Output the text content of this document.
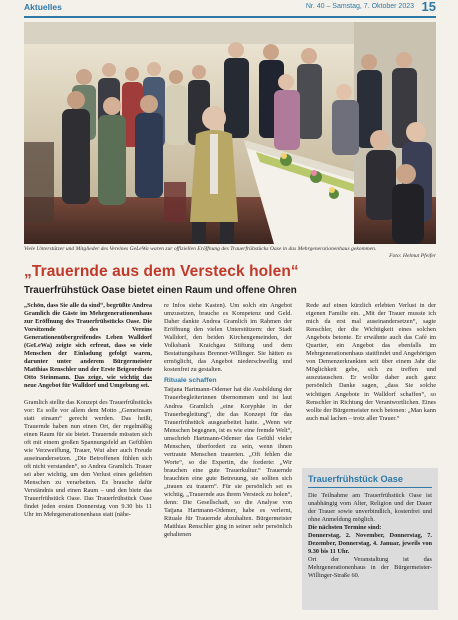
Aktuelles	Nr. 40 – Samstag, 7. Oktober 2023 15
Viele Unterstützer und Mitglieder des Vereines GeLeWa waren zur offiziellen Eröffnung des Trauerfrühstücks Oase in das Mehrgenerationenhaus gekommen.
Foto: Helmut Pfeifer
„Trauernde aus dem Versteck holen“
Trauerfrühstück Oase bietet einen Raum und offene Ohren

„Schön, dass Sie alle da sind“, begrüßte Andrea Gramlich die Gäste im Mehrgenerationenhaus zur Eröffnung des Trauerfrühstücks Oase. Die Vorsitzende des Vereins Generationenübergreifendes Leben Walldorf (GeLeWa) zeigte sich erfreut, dass so viele Menschen der Einladung gefolgt waren, darunter unter anderem Bürgermeister Matthias Renschler und der Erste Beigeordnete Otto Steinmann. Das zeige, wie wichtig das neue Angebot für Walldorf und Umgebung sei.

Gramlich stellte das Konzept des Trauerfrühstücks vor: Es solle vor allem dem Motto „Gemeinsam statt einsam“ gerecht werden. Das heißt, Trauernde haben nun einen Ort, der regelmäßig einen Raum für sie bietet. Trauernde müssten sich oft mit einem großen Spannungsfeld an Gefühlen wie Verzweiflung, Trauer, Wut aber auch Freude auseinandersetzen. „Die Betroffenen fühlen sich oft nicht verstanden“, so Andrea Gramlich. Trauer sei aber wichtig, um den Verlust eines geliebten Menschen zu verarbeiten. Es brauche dafür Verständnis und einen Raum – und den biete das Trauerfrühstück Oase. Das Trauerfrühstück Oase findet jeden ersten Donnerstag von 9.30 bis 11 Uhr im Mehrgenerationenhaus statt (nähe-

re Infos siehe Kasten). Um solch ein Angebot umzusetzen, brauche es Kompetenz und Geld. Daher dankte Andrea Gramlich im Rahmen der Eröffnung den vielen Unterstützern: der Stadt Walldorf, den beiden Kirchengemeinden, der Volksbank Kraichgau Stiftung und dem Bestattungshaus Brenner-Willinger. Sie hätten es ermöglicht, das Angebot niederschwellig und kostenfrei zu gestalten.

Rituale schaffen

Tatjana Hartmann-Odemer hat die Ausbildung der Trauerbegleiterinnen übernommen und ist laut Andrea Gramlich „eine Koryphäe in der Trauerbegleitung“, die das Konzept für das Trauerfrühstück ausgearbeitet hatte. „Wenn wir Menschen begegnen, ist es wie eine fremde Welt“, umschrieb Hartmann-Odemer das Gefühl vieler Menschen, überfordert zu sein, wenn ihnen vertraute Menschen trauerten. „Oft fehlen die Worte“, so die Expertin, die forderte: „Wir brauchen eine gute Trauerkultur.“ Trauernde brauchten eine gute Betreuung, sie sollten sich „trauen zu trauern“. Für sie persönlich sei es wichtig, „Trauernde aus ihrem Versteck zu holen“, denn: Die Gesellschaft, so die Analyse von Tatjana Hartmann-Odemer, habe es verlernt, Rituale für Trauernde abzuhalten. Bürgermeister Matthias Renschler ging in seiner sehr persönlich gehaltenen

Rede auf einen kürzlich erlebten Verlust in der eigenen Familie ein. „Mit der Trauer musste ich mich da erst mal auseinandersetzen“, sagte Renschler, der die Wichtigkeit eines solchen Angebots betonte. Er erwähnte auch das Café im Quartier, ein Angebot das ebenfalls im Mehrgenerationenhaus stattfindet und Angehörigen von Demenzerkrankten seit über einem Jahr die Möglichkeit gebe, sich zu treffen und auszutauschen. Er wollte daher auch ganz persönlich Danke sagen, „dass Sie solche wichtigen Angebote in Walldorf schaffen“, so Renschler in Richtung der Verantwortlichen. Eines wollte der Bürgermeister noch betonen: „Man kann auch mal lachen – trotz aller Trauer.“

Trauerfrühstück Oase

Die Teilnahme am Trauerfrühstück Oase ist unabhängig vom Alter, Religion und der Dauer der Trauer sowie unverbindlich, kostenfrei und ohne Anmeldung möglich.

Die nächsten Termine sind:

Donnerstag, 2. November, Donnerstag, 7. Dezember, Donnerstag, 4. Januar, jeweils von 9.30 bis 11 Uhr.

Ort der Veranstaltung ist das Mehrgenerationenhaus in der Bürgermeister-Willinger-Straße 60.
